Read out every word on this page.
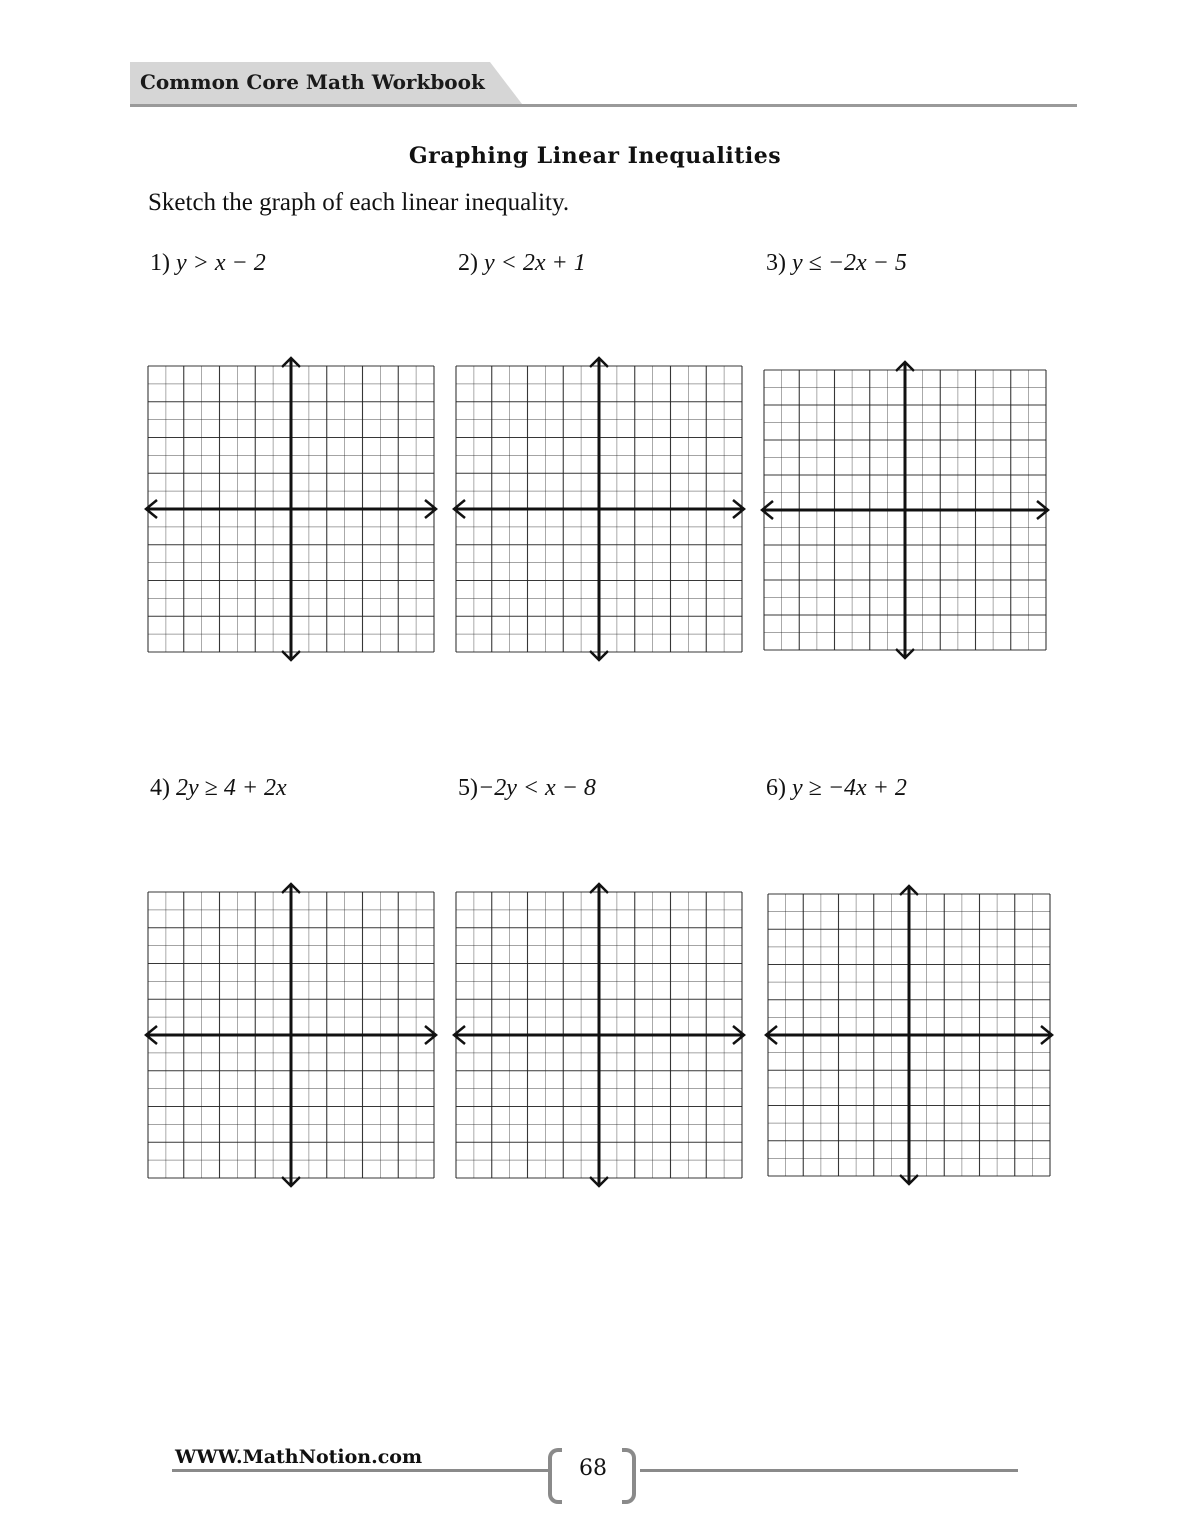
Common Core Math Workbook
Graphing Linear Inequalities
Sketch the graph of each linear inequality.
1) y > x − 2	2) y < 2x + 1	3) y ≤ −2x − 5
4) 2y ≥ 4 + 2x	5)−2y < x − 8	6) y ≥ −4x + 2
WWW.MathNotion.com	68
